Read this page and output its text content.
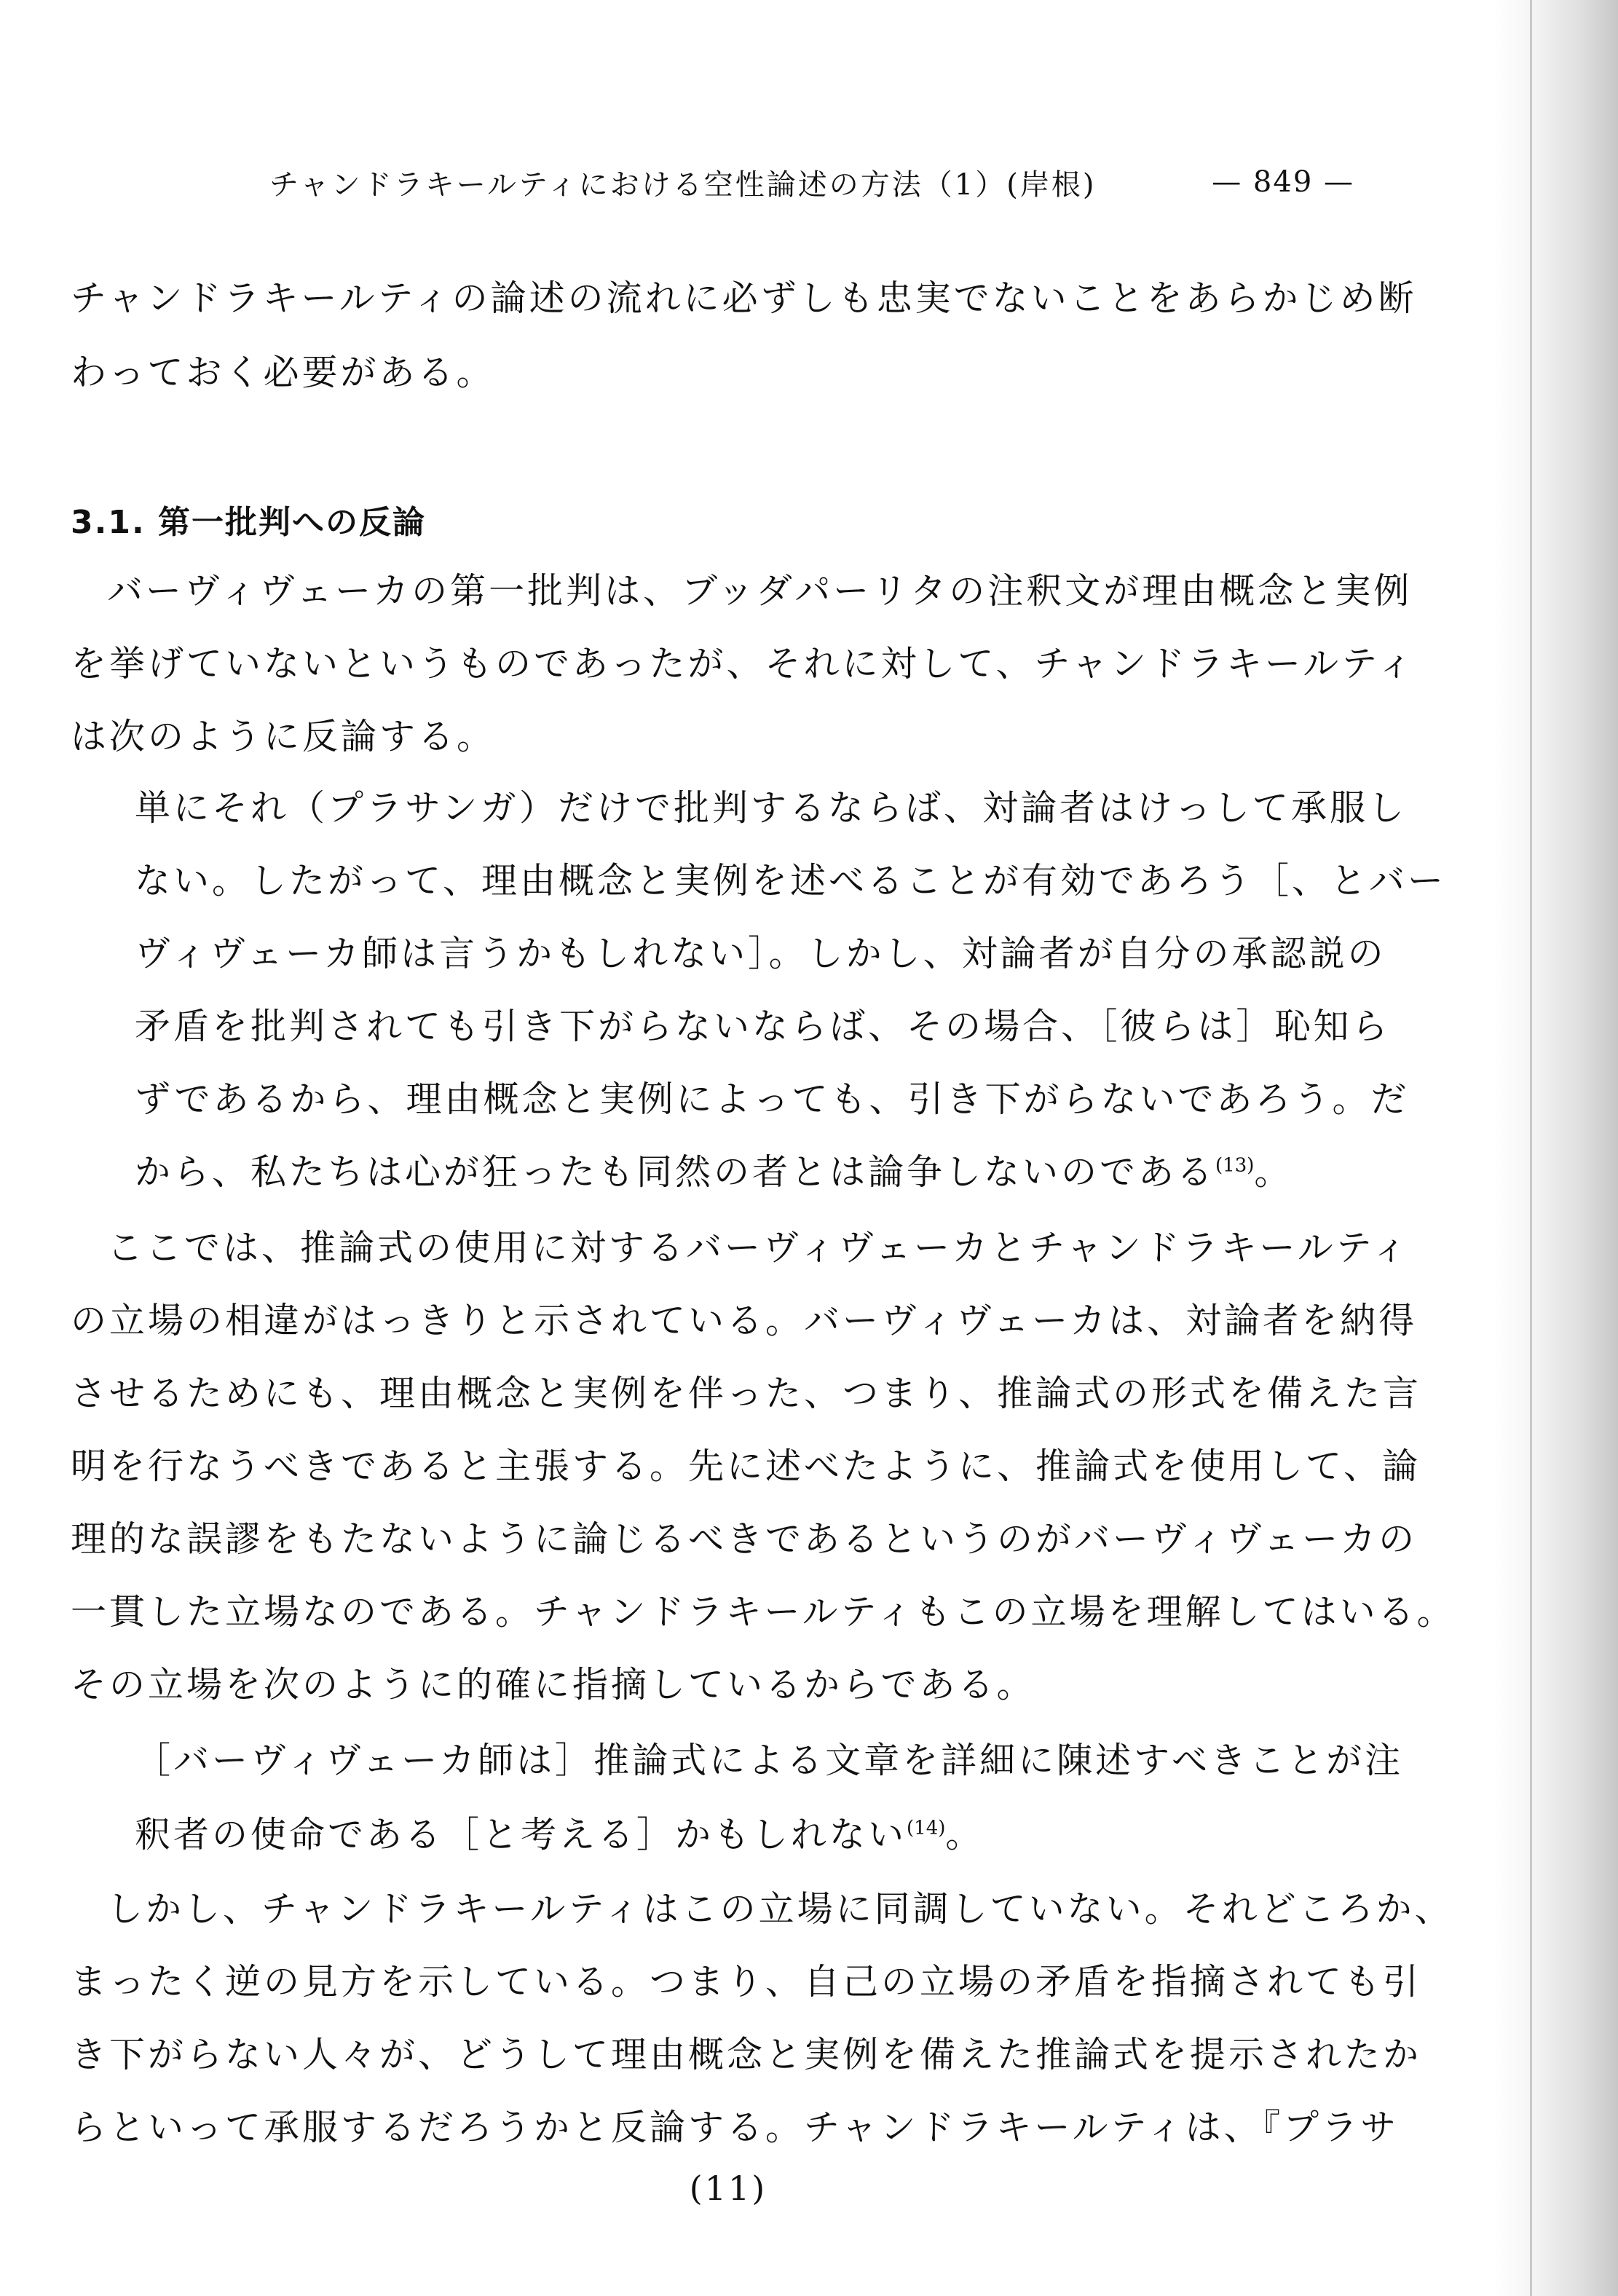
チャンドラキールティにおける空性論述の方法（1）(岸根)	— 849 —
チャンドラキールティの論述の流れに必ずしも忠実でないことをあらかじめ断
わっておく必要がある。
3.1. 第一批判への反論
バーヴィヴェーカの第一批判は、ブッダパーリタの注釈文が理由概念と実例
を挙げていないというものであったが、それに対して、チャンドラキールティ
は次のように反論する。
単にそれ（プラサンガ）だけで批判するならば、対論者はけっして承服し
ない。したがって、理由概念と実例を述べることが有効であろう［、とバー
ヴィヴェーカ師は言うかもしれない］。しかし、対論者が自分の承認説の
矛盾を批判されても引き下がらないならば、その場合、［彼らは］恥知ら
ずであるから、理由概念と実例によっても、引き下がらないであろう。だ
から、私たちは心が狂ったも同然の者とは論争しないのである$^{(13)}$。
ここでは、推論式の使用に対するバーヴィヴェーカとチャンドラキールティ
の立場の相違がはっきりと示されている。バーヴィヴェーカは、対論者を納得
させるためにも、理由概念と実例を伴った、つまり、推論式の形式を備えた言
明を行なうべきであると主張する。先に述べたように、推論式を使用して、論
理的な誤謬をもたないように論じるべきであるというのがバーヴィヴェーカの
一貫した立場なのである。チャンドラキールティもこの立場を理解してはいる。
その立場を次のように的確に指摘しているからである。
［バーヴィヴェーカ師は］推論式による文章を詳細に陳述すべきことが注
釈者の使命である［と考える］かもしれない$^{(14)}$。
しかし、チャンドラキールティはこの立場に同調していない。それどころか、
まったく逆の見方を示している。つまり、自己の立場の矛盾を指摘されても引
き下がらない人々が、どうして理由概念と実例を備えた推論式を提示されたか
らといって承服するだろうかと反論する。チャンドラキールティは、『プラサ
(11)
